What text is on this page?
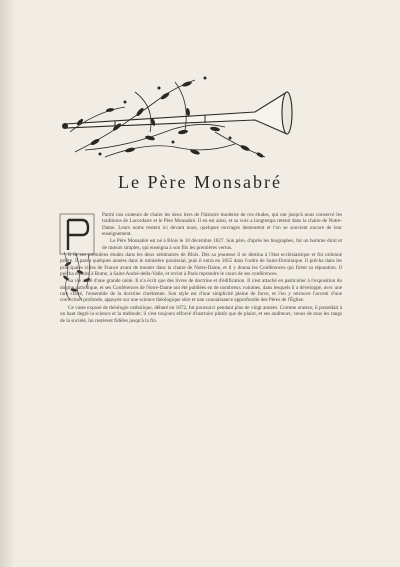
Le Père Monsabré

Parmi nos orateurs de chaire les deux tiers de l'histoire moderne de ces études, qui ont jusqu'à nous conservé les traditions de Lacordaire et le Père Monsabré. Il en est ainsi, et sa voix a longtemps retenti dans la chaire de Notre-Dame. Leurs noms restent ici devant nous, quelques ouvrages demeurent et l'on se souvient encore de leur enseignement.

Le Père Monsabré est né à Blois le 10 décembre 1827. Son père, d'après les biographes, fut un homme droit et de mœurs simples, qui enseigna à son fils les premières vertus.

Il fit ses premières études dans les deux séminaires de Blois. Dès sa jeunesse il se destina à l'état ecclésiastique et fut ordonné prêtre. Il passa quelques années dans le ministère paroissial, puis il entra en 1855 dans l'ordre de Saint-Dominique. Il prêcha dans les principales villes de France avant de monter dans la chaire de Notre-Dame, et il y donna les Conférences qui firent sa réputation. Il prêcha ensuite à Rome, à Saint-André-della-Valle, et revint à Paris reprendre le cours de ses conférences.

Sa vie a été d'une grande unité. Il n'a écrit que des livres de doctrine et d'édification. Il s'est attaché en particulier à l'exposition du dogme catholique, et ses Conférences de Notre-Dame ont été publiées en de nombreux volumes, dans lesquels il a développé, avec une rare clarté, l'ensemble de la doctrine chrétienne. Son style est d'une simplicité pleine de force, et l'on y retrouve l'accent d'une conviction profonde, appuyée sur une science théologique sûre et une connaissance approfondie des Pères de l'Église.

Ce vaste exposé de théologie catholique, débuté en 1872, fut poursuivi pendant plus de vingt années. Comme orateur, il possédait à un haut degré la science et la méthode; il s'est toujours efforcé d'instruire plutôt que de plaire, et ses auditeurs, venus de tous les rangs de la société, lui restèrent fidèles jusqu'à la fin.
